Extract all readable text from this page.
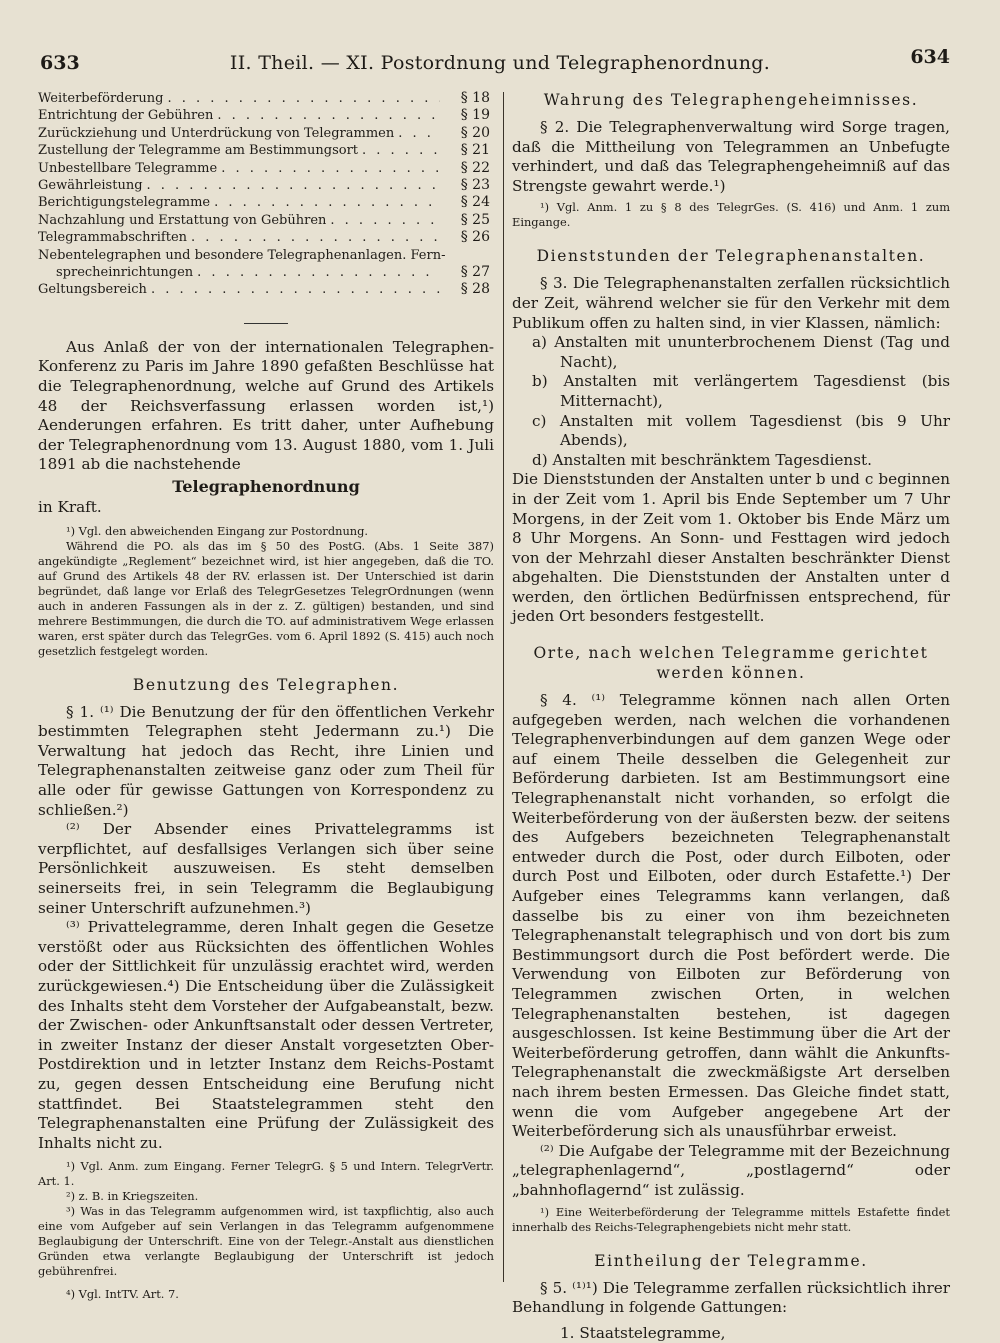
633	II. Theil. — XI. Postordnung und Telegraphenordnung.	634
Weiterbeförderung . . .	§ 18
Entrichtung der Gebühren . . .	§ 19
Zurückziehung und Unterdrückung von Telegrammen . . .	§ 20
Zustellung der Telegramme am Bestimmungsort . . .	§ 21
Unbestellbare Telegramme . . .	§ 22
Gewährleistung . . .	§ 23
Berichtigungstelegramme . . .	§ 24
Nachzahlung und Erstattung von Gebühren . . .	§ 25
Telegrammabschriften . . .	§ 26
Nebentelegraphen und besondere Telegraphenanlagen. Fern-
sprecheinrichtungen . . .	§ 27
Geltungsbereich . . .	§ 28

Aus Anlaß der von der internationalen Telegraphen-Konferenz zu Paris im Jahre 1890 gefaßten Beschlüsse hat die Telegraphenordnung, welche auf Grund des Artikels 48 der Reichsverfassung erlassen worden ist,¹) Aenderungen erfahren. Es tritt daher, unter Aufhebung der Telegraphenordnung vom 13. August 1880, vom 1. Juli 1891 ab die nachstehende

Telegraphenordnung

in Kraft.

¹) Vgl. den abweichenden Eingang zur Postordnung.

Während die PO. als das im § 50 des PostG. (Abs. 1 Seite 387) angekündigte „Reglement“ bezeichnet wird, ist hier angegeben, daß die TO. auf Grund des Artikels 48 der RV. erlassen ist. Der Unterschied ist darin begründet, daß lange vor Erlaß des TelegrGesetzes TelegrOrdnungen (wenn auch in anderen Fassungen als in der z. Z. gültigen) bestanden, und sind mehrere Bestimmungen, die durch die TO. auf administrativem Wege erlassen waren, erst später durch das TelegrGes. vom 6. April 1892 (S. 415) auch noch gesetzlich festgelegt worden.

Benutzung des Telegraphen.

§ 1. ⁽¹⁾ Die Benutzung der für den öffentlichen Verkehr bestimmten Telegraphen steht Jedermann zu.¹) Die Verwaltung hat jedoch das Recht, ihre Linien und Telegraphenanstalten zeitweise ganz oder zum Theil für alle oder für gewisse Gattungen von Korrespondenz zu schließen.²)

⁽²⁾ Der Absender eines Privattelegramms ist verpflichtet, auf desfallsiges Verlangen sich über seine Persönlichkeit auszuweisen. Es steht demselben seinerseits frei, in sein Telegramm die Beglaubigung seiner Unterschrift aufzunehmen.³)

⁽³⁾ Privattelegramme, deren Inhalt gegen die Gesetze verstößt oder aus Rücksichten des öffentlichen Wohles oder der Sittlichkeit für unzulässig erachtet wird, werden zurückgewiesen.⁴) Die Entscheidung über die Zulässigkeit des Inhalts steht dem Vorsteher der Aufgabeanstalt, bezw. der Zwischen- oder Ankunftsanstalt oder dessen Vertreter, in zweiter Instanz der dieser Anstalt vorgesetzten Ober-Postdirektion und in letzter Instanz dem Reichs-Postamt zu, gegen dessen Entscheidung eine Berufung nicht stattfindet. Bei Staatstelegrammen steht den Telegraphenanstalten eine Prüfung der Zulässigkeit des Inhalts nicht zu.

¹) Vgl. Anm. zum Eingang. Ferner TelegrG. § 5 und Intern. TelegrVertr. Art. 1.

²) z. B. in Kriegszeiten.

³) Was in das Telegramm aufgenommen wird, ist taxpflichtig, also auch eine vom Aufgeber auf sein Verlangen in das Telegramm aufgenommene Beglaubigung der Unterschrift. Eine von der Telegr.-Anstalt aus dienstlichen Gründen etwa verlangte Beglaubigung der Unterschrift ist jedoch gebührenfrei.

⁴) Vgl. IntTV. Art. 7.

Wahrung des Telegraphengeheimnisses.

§ 2. Die Telegraphenverwaltung wird Sorge tragen, daß die Mittheilung von Telegrammen an Unbefugte verhindert, und daß das Telegraphengeheimniß auf das Strengste gewahrt werde.¹)

¹) Vgl. Anm. 1 zu § 8 des TelegrGes. (S. 416) und Anm. 1 zum Eingange.

Dienststunden der Telegraphenanstalten.

§ 3. Die Telegraphenanstalten zerfallen rücksichtlich der Zeit, während welcher sie für den Verkehr mit dem Publikum offen zu halten sind, in vier Klassen, nämlich:

a) Anstalten mit ununterbrochenem Dienst (Tag und Nacht),

b) Anstalten mit verlängertem Tagesdienst (bis Mitternacht),

c) Anstalten mit vollem Tagesdienst (bis 9 Uhr Abends),

d) Anstalten mit beschränktem Tagesdienst.

Die Dienststunden der Anstalten unter b und c beginnen in der Zeit vom 1. April bis Ende September um 7 Uhr Morgens, in der Zeit vom 1. Oktober bis Ende März um 8 Uhr Morgens. An Sonn- und Festtagen wird jedoch von der Mehrzahl dieser Anstalten beschränkter Dienst abgehalten. Die Dienststunden der Anstalten unter d werden, den örtlichen Bedürfnissen entsprechend, für jeden Ort besonders festgestellt.

Orte, nach welchen Telegramme gerichtet werden können.

§ 4. ⁽¹⁾ Telegramme können nach allen Orten aufgegeben werden, nach welchen die vorhandenen Telegraphenverbindungen auf dem ganzen Wege oder auf einem Theile desselben die Gelegenheit zur Beförderung darbieten. Ist am Bestimmungsort eine Telegraphenanstalt nicht vorhanden, so erfolgt die Weiterbeförderung von der äußersten bezw. der seitens des Aufgebers bezeichneten Telegraphenanstalt entweder durch die Post, oder durch Eilboten, oder durch Post und Eilboten, oder durch Estafette.¹) Der Aufgeber eines Telegramms kann verlangen, daß dasselbe bis zu einer von ihm bezeichneten Telegraphenanstalt telegraphisch und von dort bis zum Bestimmungsort durch die Post befördert werde. Die Verwendung von Eilboten zur Beförderung von Telegrammen zwischen Orten, in welchen Telegraphenanstalten bestehen, ist dagegen ausgeschlossen. Ist keine Bestimmung über die Art der Weiterbeförderung getroffen, dann wählt die Ankunfts-Telegraphenanstalt die zweckmäßigste Art derselben nach ihrem besten Ermessen. Das Gleiche findet statt, wenn die vom Aufgeber angegebene Art der Weiterbeförderung sich als unausführbar erweist.

⁽²⁾ Die Aufgabe der Telegramme mit der Bezeichnung „telegraphenlagernd“, „postlagernd“ oder „bahnhoflagernd“ ist zulässig.

¹) Eine Weiterbeförderung der Telegramme mittels Estafette findet innerhalb des Reichs-Telegraphengebiets nicht mehr statt.

Eintheilung der Telegramme.

§ 5. ⁽¹⁾¹) Die Telegramme zerfallen rücksichtlich ihrer Behandlung in folgende Gattungen:

1. Staatstelegramme,
